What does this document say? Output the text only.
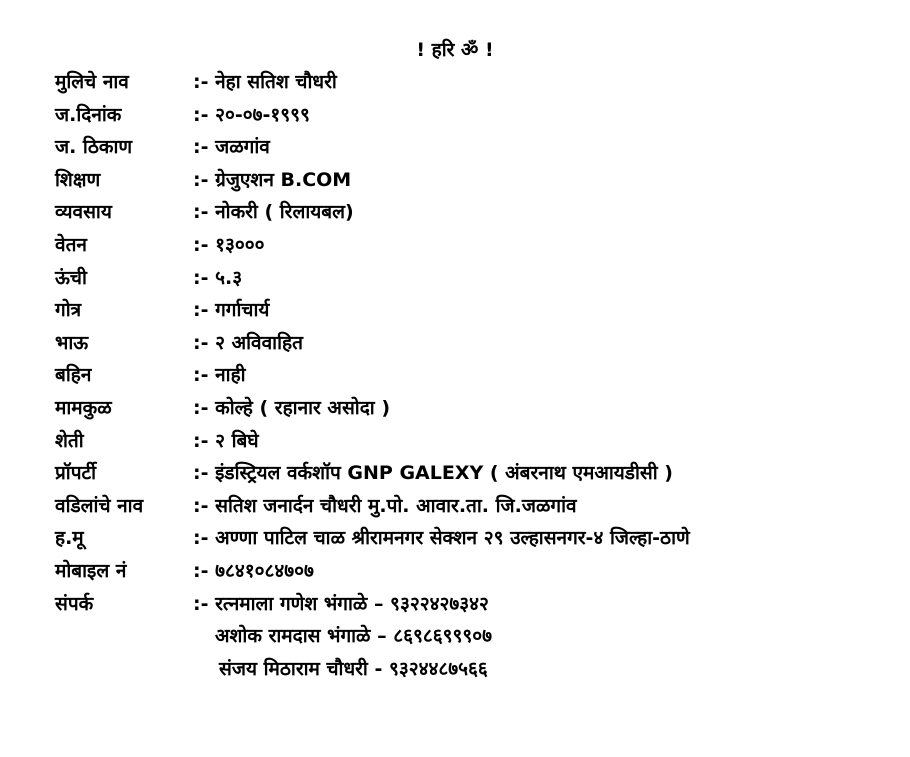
! हरि ॐ !
मुलिचे नाव	:- नेहा सतिश चौधरी
ज.दिनांक	:- २०-०७-१९९९
ज. ठिकाण	:- जळगांव
शिक्षण	:- ग्रेजुएशन B.COM
व्यवसाय	:- नोकरी ( रिलायबल)
वेतन	:- १३०००
ऊंची	:- ५.३
गोत्र	:- गर्गाचार्य
भाऊ	:- २ अविवाहित
बहिन	:- नाही
मामकुळ	:- कोल्हे ( रहानार असोदा )
शेती	:- २ बिघे
प्रॉपर्टी	:- इंडस्ट्रियल वर्कशॉप GNP GALEXY ( अंबरनाथ एमआयडीसी )
वडिलांचे नाव	:- सतिश जनार्दन चौधरी मु.पो. आवार.ता. जि.जळगांव
ह.मू	:- अण्णा पाटिल चाळ श्रीरामनगर सेक्शन २९ उल्हासनगर-४ जिल्हा-ठाणे
मोबाइल नं	:- ७८४१०८४७०७
संपर्क	:- रत्नमाला गणेश भंगाळे – ९३२२४२७३४२
अशोक रामदास भंगाळे – ८६९८६९९९०७
संजय मिठाराम चौधरी - ९३२४४८७५६६
